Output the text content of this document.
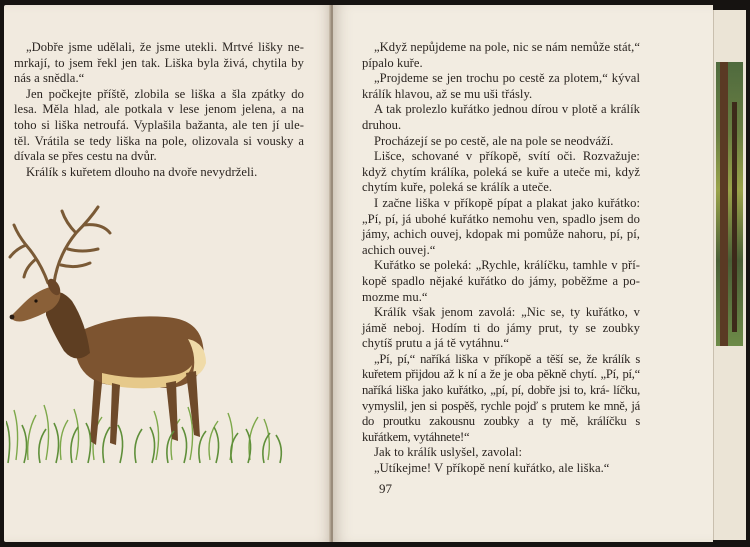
„Dobře jsme udělali, že jsme utekli. Mrtvé lišky ne- mrkají, to jsem řekl jen tak. Liška byla živá, chytila by nás a snědla.“

Jen počkejte příště, zlobila se liška a šla zpátky do lesa. Měla hlad, ale potkala v lese jenom jelena, a na toho si liška netroufá. Vyplašila bažanta, ale ten jí ule- těl. Vrátila se tedy liška na pole, olizovala si vousky a dívala se přes cestu na dvůr.

Králík s kuřetem dlouho na dvoře nevydrželi.

„Když nepůjdeme na pole, nic se nám nemůže stát,“ pípalo kuře.

„Projdeme se jen trochu po cestě za plotem,“ kýval králík hlavou, až se mu uši třásly.

A tak prolezlo kuřátko jednou dírou v plotě a králík druhou.

Procházejí se po cestě, ale na pole se neodváží.

Lišce, schované v příkopě, svítí oči. Rozvažuje: když chytím králíka, poleká se kuře a uteče mi, když chytím kuře, poleká se králík a uteče.

I začne liška v příkopě pípat a plakat jako kuřátko: „Pí, pí, já ubohé kuřátko nemohu ven, spadlo jsem do jámy, achich ouvej, kdopak mi pomůže nahoru, pí, pí, achich ouvej.“

Kuřátko se poleká: „Rychle, králíčku, tamhle v pří- kopě spadlo nějaké kuřátko do jámy, poběžme a po- mozme mu.“

Králík však jenom zavolá: „Nic se, ty kuřátko, v jámě neboj. Hodím ti do jámy prut, ty se zoubky chytíš prutu a já tě vytáhnu.“

„Pí, pí,“ naříká liška v příkopě a těší se, že králík s kuřetem přijdou až k ní a že je oba pěkně chytí. „Pí, pí,“ naříká liška jako kuřátko, „pí, pí, dobře jsi to, krá- líčku, vymyslil, jen si pospěš, rychle pojď s prutem ke mně, já do proutku zakousnu zoubky a ty mě, králíčku s kuřátkem, vytáhnete!“

Jak to králík uslyšel, zavolal:

„Utíkejme! V příkopě není kuřátko, ale liška.“

97
